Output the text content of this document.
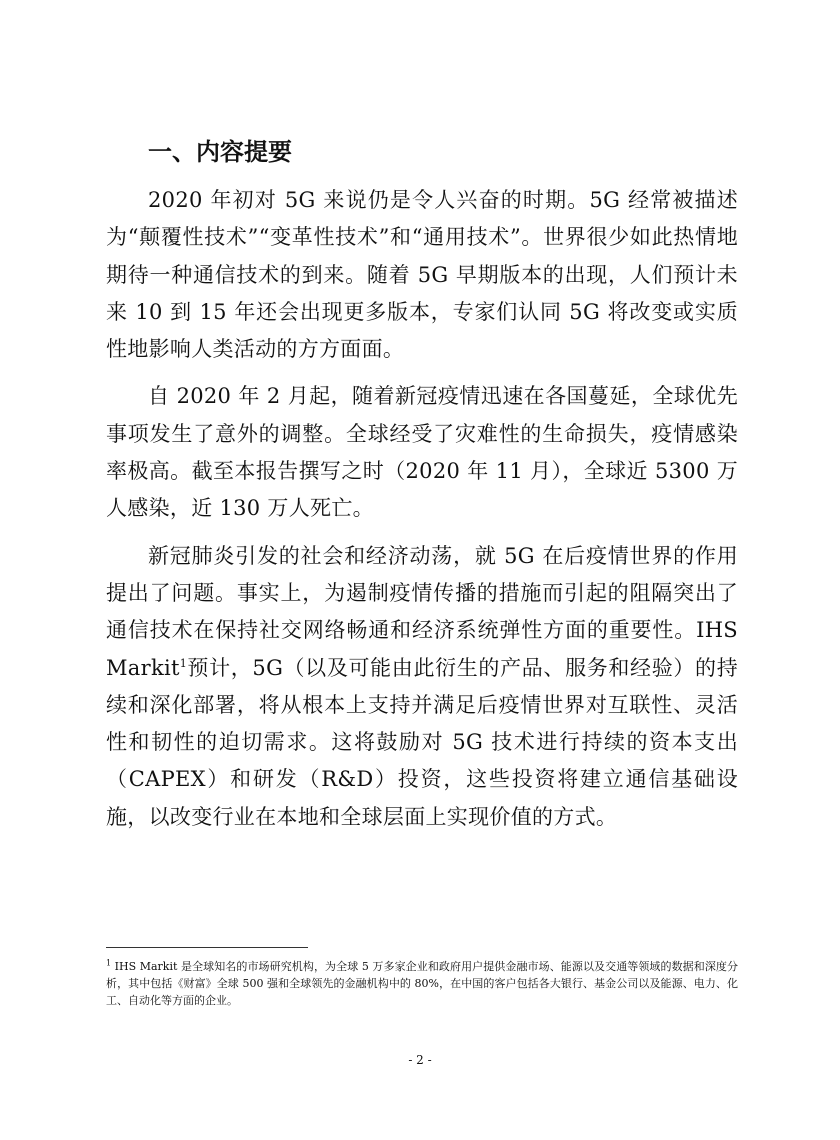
一、内容提要

2020 年初对 5G 来说仍是令人兴奋的时期。5G 经常被描述为“颠覆性技术”“变革性技术”和“通用技术”。世界很少如此热情地期待一种通信技术的到来。随着 5G 早期版本的出现，人们预计未来 10 到 15 年还会出现更多版本，专家们认同 5G 将改变或实质性地影响人类活动的方方面面。

自 2020 年 2 月起，随着新冠疫情迅速在各国蔓延，全球优先事项发生了意外的调整。全球经受了灾难性的生命损失，疫情感染率极高。截至本报告撰写之时（2020 年 11 月），全球近 5300 万人感染，近 130 万人死亡。

新冠肺炎引发的社会和经济动荡，就 5G 在后疫情世界的作用提出了问题。事实上，为遏制疫情传播的措施而引起的阻隔突出了通信技术在保持社交网络畅通和经济系统弹性方面的重要性。IHS Markit$^1$预计，5G（以及可能由此衍生的产品、服务和经验）的持续和深化部署，将从根本上支持并满足后疫情世界对互联性、灵活性和韧性的迫切需求。这将鼓励对 5G 技术进行持续的资本支出（CAPEX）和研发（R&D）投资，这些投资将建立通信基础设施，以改变行业在本地和全球层面上实现价值的方式。

$^1$ IHS Markit 是全球知名的市场研究机构，为全球 5 万多家企业和政府用户提供金融市场、能源以及交通等领域的数据和深度分析，其中包括《财富》全球 500 强和全球领先的金融机构中的 80%，在中国的客户包括各大银行、基金公司以及能源、电力、化工、自动化等方面的企业。

- 2 -
